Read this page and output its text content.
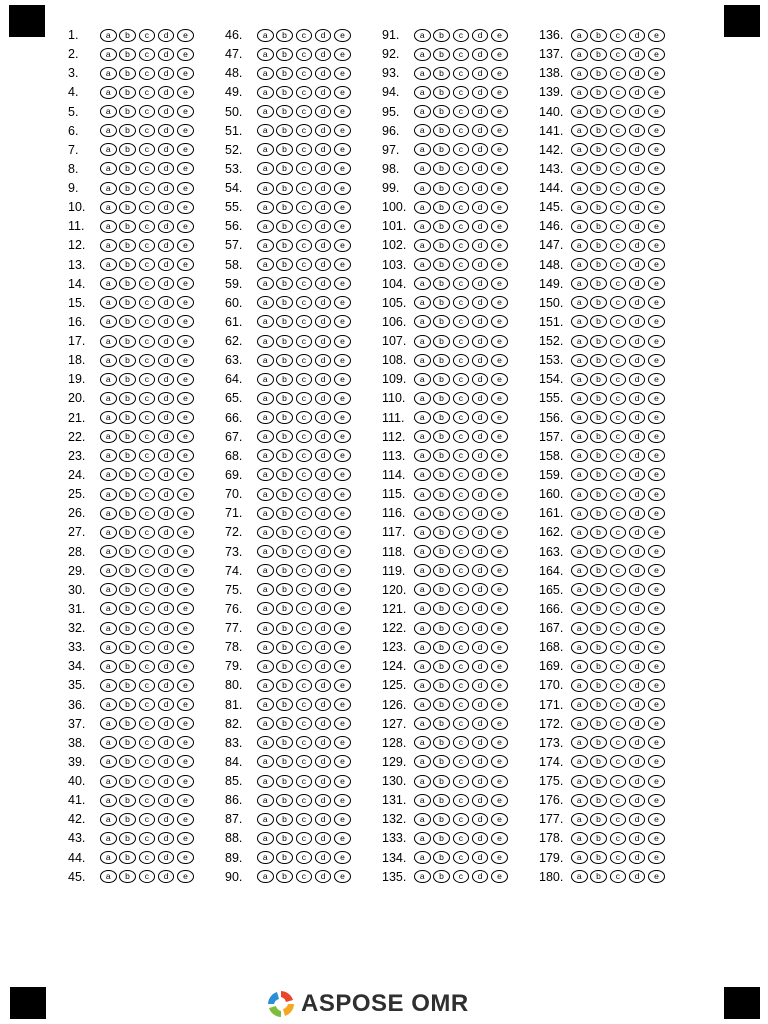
1.	a	b	c	d	e
2.	a	b	c	d	e
3.	a	b	c	d	e
4.	a	b	c	d	e
5.	a	b	c	d	e
6.	a	b	c	d	e
7.	a	b	c	d	e
8.	a	b	c	d	e
9.	a	b	c	d	e
10.	a	b	c	d	e
11.	a	b	c	d	e
12.	a	b	c	d	e
13.	a	b	c	d	e
14.	a	b	c	d	e
15.	a	b	c	d	e
16.	a	b	c	d	e
17.	a	b	c	d	e
18.	a	b	c	d	e
19.	a	b	c	d	e
20.	a	b	c	d	e
21.	a	b	c	d	e
22.	a	b	c	d	e
23.	a	b	c	d	e
24.	a	b	c	d	e
25.	a	b	c	d	e
26.	a	b	c	d	e
27.	a	b	c	d	e
28.	a	b	c	d	e
29.	a	b	c	d	e
30.	a	b	c	d	e
31.	a	b	c	d	e
32.	a	b	c	d	e
33.	a	b	c	d	e
34.	a	b	c	d	e
35.	a	b	c	d	e
36.	a	b	c	d	e
37.	a	b	c	d	e
38.	a	b	c	d	e
39.	a	b	c	d	e
40.	a	b	c	d	e
41.	a	b	c	d	e
42.	a	b	c	d	e
43.	a	b	c	d	e
44.	a	b	c	d	e
45.	a	b	c	d	e
46.	a	b	c	d	e
47.	a	b	c	d	e
48.	a	b	c	d	e
49.	a	b	c	d	e
50.	a	b	c	d	e
51.	a	b	c	d	e
52.	a	b	c	d	e
53.	a	b	c	d	e
54.	a	b	c	d	e
55.	a	b	c	d	e
56.	a	b	c	d	e
57.	a	b	c	d	e
58.	a	b	c	d	e
59.	a	b	c	d	e
60.	a	b	c	d	e
61.	a	b	c	d	e
62.	a	b	c	d	e
63.	a	b	c	d	e
64.	a	b	c	d	e
65.	a	b	c	d	e
66.	a	b	c	d	e
67.	a	b	c	d	e
68.	a	b	c	d	e
69.	a	b	c	d	e
70.	a	b	c	d	e
71.	a	b	c	d	e
72.	a	b	c	d	e
73.	a	b	c	d	e
74.	a	b	c	d	e
75.	a	b	c	d	e
76.	a	b	c	d	e
77.	a	b	c	d	e
78.	a	b	c	d	e
79.	a	b	c	d	e
80.	a	b	c	d	e
81.	a	b	c	d	e
82.	a	b	c	d	e
83.	a	b	c	d	e
84.	a	b	c	d	e
85.	a	b	c	d	e
86.	a	b	c	d	e
87.	a	b	c	d	e
88.	a	b	c	d	e
89.	a	b	c	d	e
90.	a	b	c	d	e
91.	a	b	c	d	e
92.	a	b	c	d	e
93.	a	b	c	d	e
94.	a	b	c	d	e
95.	a	b	c	d	e
96.	a	b	c	d	e
97.	a	b	c	d	e
98.	a	b	c	d	e
99.	a	b	c	d	e
100.	a	b	c	d	e
101.	a	b	c	d	e
102.	a	b	c	d	e
103.	a	b	c	d	e
104.	a	b	c	d	e
105.	a	b	c	d	e
106.	a	b	c	d	e
107.	a	b	c	d	e
108.	a	b	c	d	e
109.	a	b	c	d	e
110.	a	b	c	d	e
111.	a	b	c	d	e
112.	a	b	c	d	e
113.	a	b	c	d	e
114.	a	b	c	d	e
115.	a	b	c	d	e
116.	a	b	c	d	e
117.	a	b	c	d	e
118.	a	b	c	d	e
119.	a	b	c	d	e
120.	a	b	c	d	e
121.	a	b	c	d	e
122.	a	b	c	d	e
123.	a	b	c	d	e
124.	a	b	c	d	e
125.	a	b	c	d	e
126.	a	b	c	d	e
127.	a	b	c	d	e
128.	a	b	c	d	e
129.	a	b	c	d	e
130.	a	b	c	d	e
131.	a	b	c	d	e
132.	a	b	c	d	e
133.	a	b	c	d	e
134.	a	b	c	d	e
135.	a	b	c	d	e
136.	a	b	c	d	e
137.	a	b	c	d	e
138.	a	b	c	d	e
139.	a	b	c	d	e
140.	a	b	c	d	e
141.	a	b	c	d	e
142.	a	b	c	d	e
143.	a	b	c	d	e
144.	a	b	c	d	e
145.	a	b	c	d	e
146.	a	b	c	d	e
147.	a	b	c	d	e
148.	a	b	c	d	e
149.	a	b	c	d	e
150.	a	b	c	d	e
151.	a	b	c	d	e
152.	a	b	c	d	e
153.	a	b	c	d	e
154.	a	b	c	d	e
155.	a	b	c	d	e
156.	a	b	c	d	e
157.	a	b	c	d	e
158.	a	b	c	d	e
159.	a	b	c	d	e
160.	a	b	c	d	e
161.	a	b	c	d	e
162.	a	b	c	d	e
163.	a	b	c	d	e
164.	a	b	c	d	e
165.	a	b	c	d	e
166.	a	b	c	d	e
167.	a	b	c	d	e
168.	a	b	c	d	e
169.	a	b	c	d	e
170.	a	b	c	d	e
171.	a	b	c	d	e
172.	a	b	c	d	e
173.	a	b	c	d	e
174.	a	b	c	d	e
175.	a	b	c	d	e
176.	a	b	c	d	e
177.	a	b	c	d	e
178.	a	b	c	d	e
179.	a	b	c	d	e
180.	a	b	c	d	e
ASPOSE OMR
